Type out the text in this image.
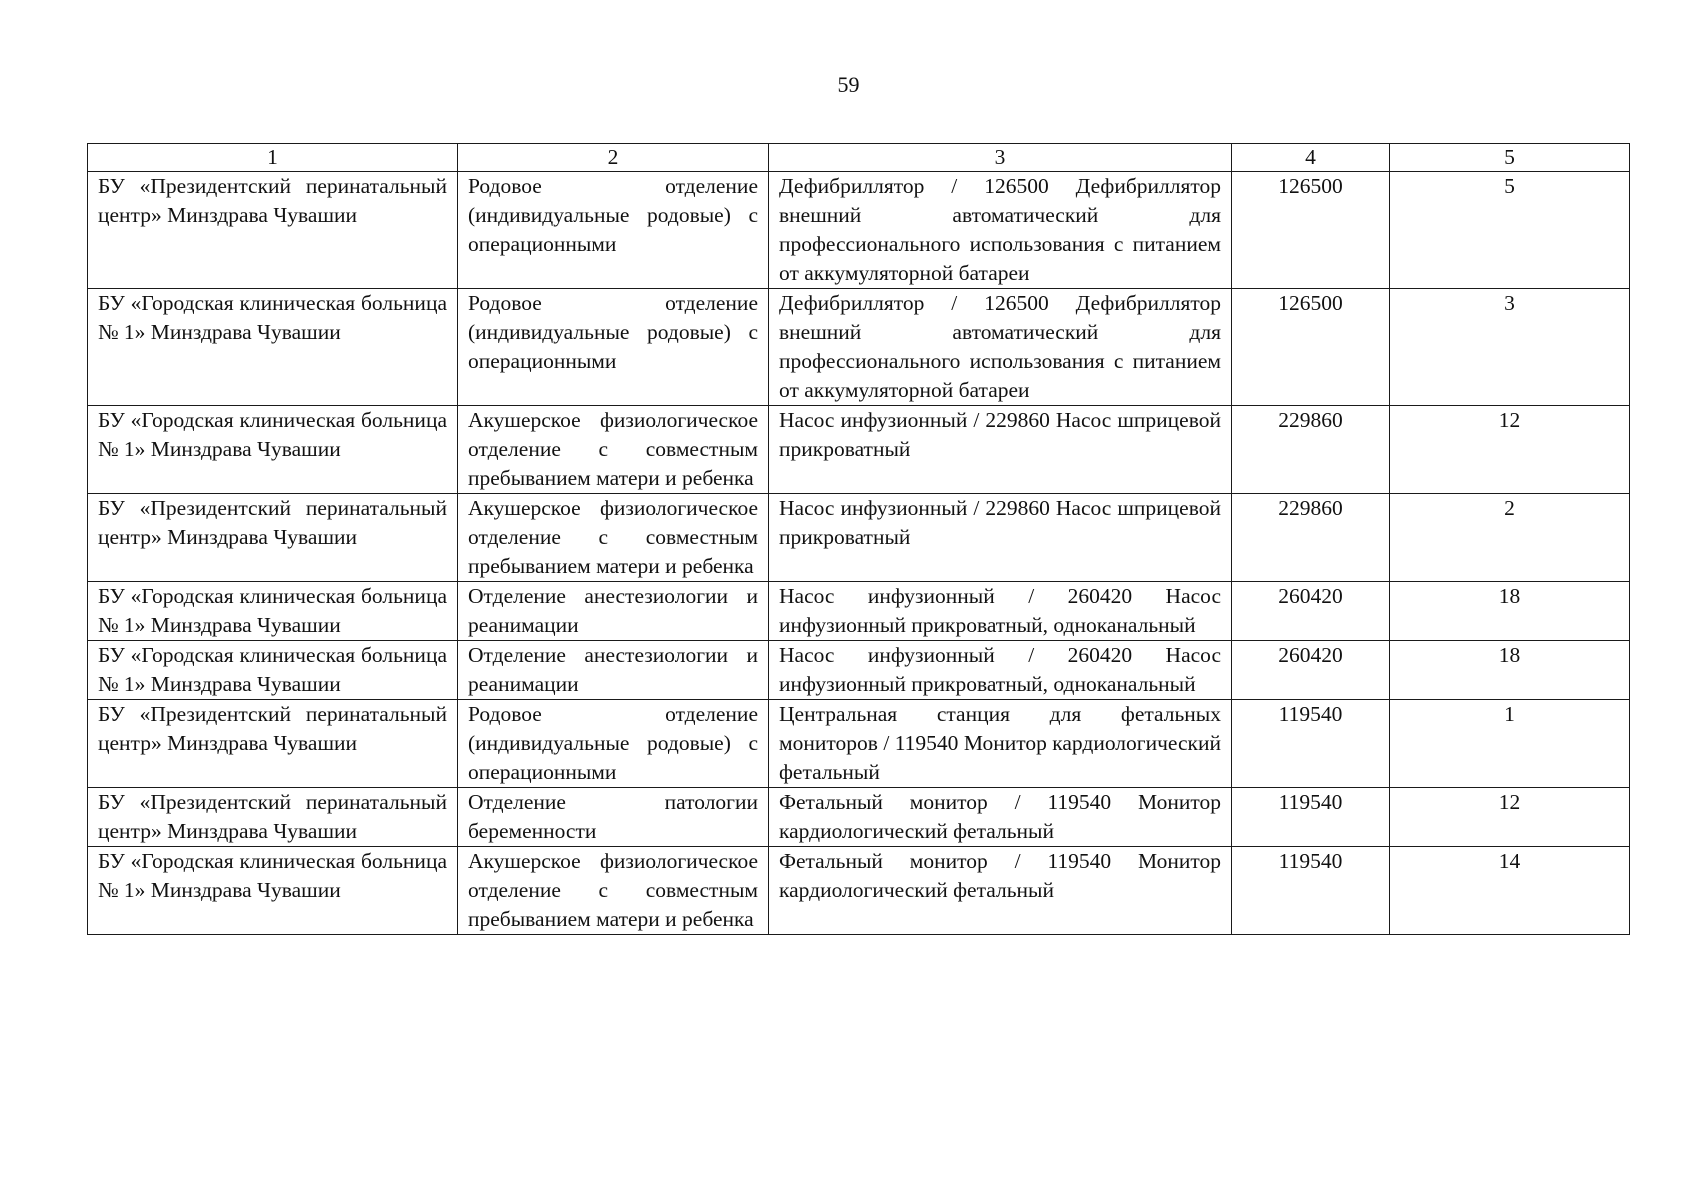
59
1	2	3	4	5
БУ «Президентский перинатальный центр» Минздрава Чувашии	Родовое отделение (индивидуальные родовые) с операционными	Дефибриллятор / 126500 Дефибриллятор внешний автоматический для профессионального использования с питанием от аккумуляторной батареи	126500	5
БУ «Городская клиническая больница № 1» Минздрава Чувашии	Родовое отделение (индивидуальные родовые) с операционными	Дефибриллятор / 126500 Дефибриллятор внешний автоматический для профессионального использования с питанием от аккумуляторной батареи	126500	3
БУ «Городская клиническая больница № 1» Минздрава Чувашии	Акушерское физиологическое отделение с совместным пребыванием матери и ребенка	Насос инфузионный / 229860 Насос шприцевой прикроватный	229860	12
БУ «Президентский перинатальный центр» Минздрава Чувашии	Акушерское физиологическое отделение с совместным пребыванием матери и ребенка	Насос инфузионный / 229860 Насос шприцевой прикроватный	229860	2
БУ «Городская клиническая больница № 1» Минздрава Чувашии	Отделение анестезиологии и реанимации	Насос инфузионный / 260420 Насос инфузионный прикроватный, одноканальный	260420	18
БУ «Городская клиническая больница № 1» Минздрава Чувашии	Отделение анестезиологии и реанимации	Насос инфузионный / 260420 Насос инфузионный прикроватный, одноканальный	260420	18
БУ «Президентский перинатальный центр» Минздрава Чувашии	Родовое отделение (индивидуальные родовые) с операционными	Центральная станция для фетальных мониторов / 119540 Монитор кардиологический фетальный	119540	1
БУ «Президентский перинатальный центр» Минздрава Чувашии	Отделение патологии беременности	Фетальный монитор / 119540 Монитор кардиологический фетальный	119540	12
БУ «Городская клиническая больница № 1» Минздрава Чувашии	Акушерское физиологическое отделение с совместным пребыванием матери и ребенка	Фетальный монитор / 119540 Монитор кардиологический фетальный	119540	14
